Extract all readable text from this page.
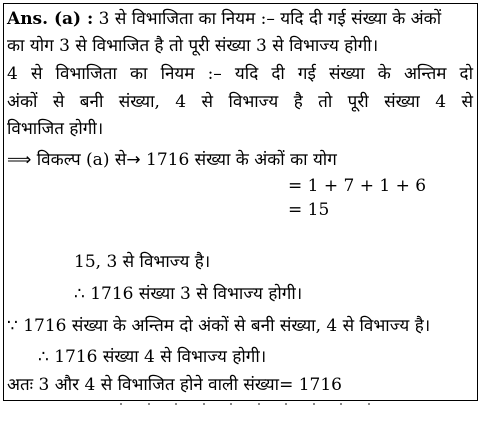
Ans. (a) : 3 से विभाजिता का नियम :– यदि दी गई संख्या के अंकों
का योग 3 से विभाजित है तो पूरी संख्या 3 से विभाज्य होगी।
4 से विभाजिता का नियम :– यदि दी गई संख्या के अन्तिम दो
अंकों से बनी संख्या, 4 से विभाज्य है तो पूरी संख्या 4 से
विभाजित होगी।
⟹ विकल्प (a) से→ 1716 संख्या के अंकों का योग
= 1 + 7 + 1 + 6
= 15
15, 3 से विभाज्य है।
∴ 1716 संख्या 3 से विभाज्य होगी।
∵ 1716 संख्या के अन्तिम दो अंकों से बनी संख्या, 4 से विभाज्य है।
∴ 1716 संख्या 4 से विभाज्य होगी।
अतः 3 और 4 से विभाजित होने वाली संख्या= 1716
